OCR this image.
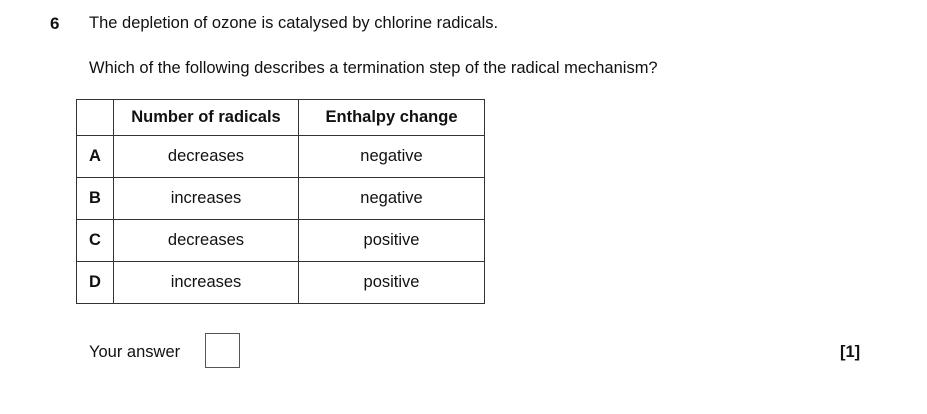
6 The depletion of ozone is catalysed by chlorine radicals.
Which of the following describes a termination step of the radical mechanism?
	Number of radicals	Enthalpy change
A	decreases	negative
B	increases	negative
C	decreases	positive
D	increases	positive
Your answer	[1]
